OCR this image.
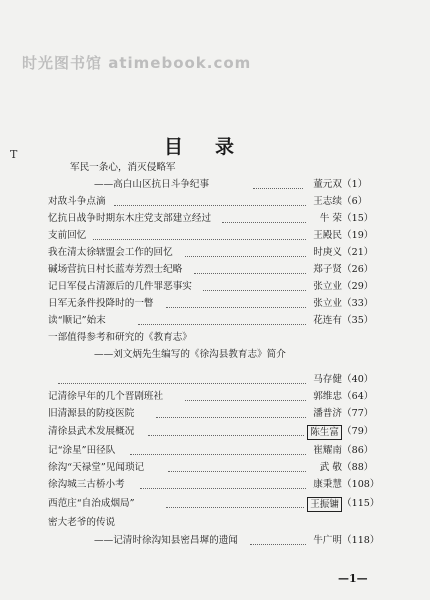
时光图书馆 atimebook.com
T	目录
军民一条心，消灭侵略军
——高白山区抗日斗争纪事	董元双 （1）
对敌斗争点滴	王志续 （6）
忆抗日战争时期东木庄党支部建立经过	牛 荣 （15）
支前回忆	王殿民 （19）
我在清太徐辖盟会工作的回忆	时庚义 （21）
碱场营抗日村长蓝寿芳烈士纪略	郑子贤 （26）
记日军侵占清源后的几件罪恶事实	张立业 （29）
日军无条件投降时的一瞥	张立业 （33）
读“顺记”始末	花连有 （35）
一部值得参考和研究的《教育志》
——刘文炳先生编写的《徐沟县教育志》简介
马存健 （40）
记清徐早年的几个晋剧班社	郭维忠 （64）
旧清源县的防疫医院	潘普济 （77）
清徐县武术发展概况	陈生富 （79）
记“涂星”田径队	崔耀南 （86）
徐沟“天禄堂”见闻琐记	武 敬 （88）
徐沟城三古桥小考	康秉慧 （108）
西范庄“自治成烟局”	王振镛 （115）
密大老爷的传说
——记清时徐沟知县密昌墀的遗闻	牛广明 （118）
—1—
